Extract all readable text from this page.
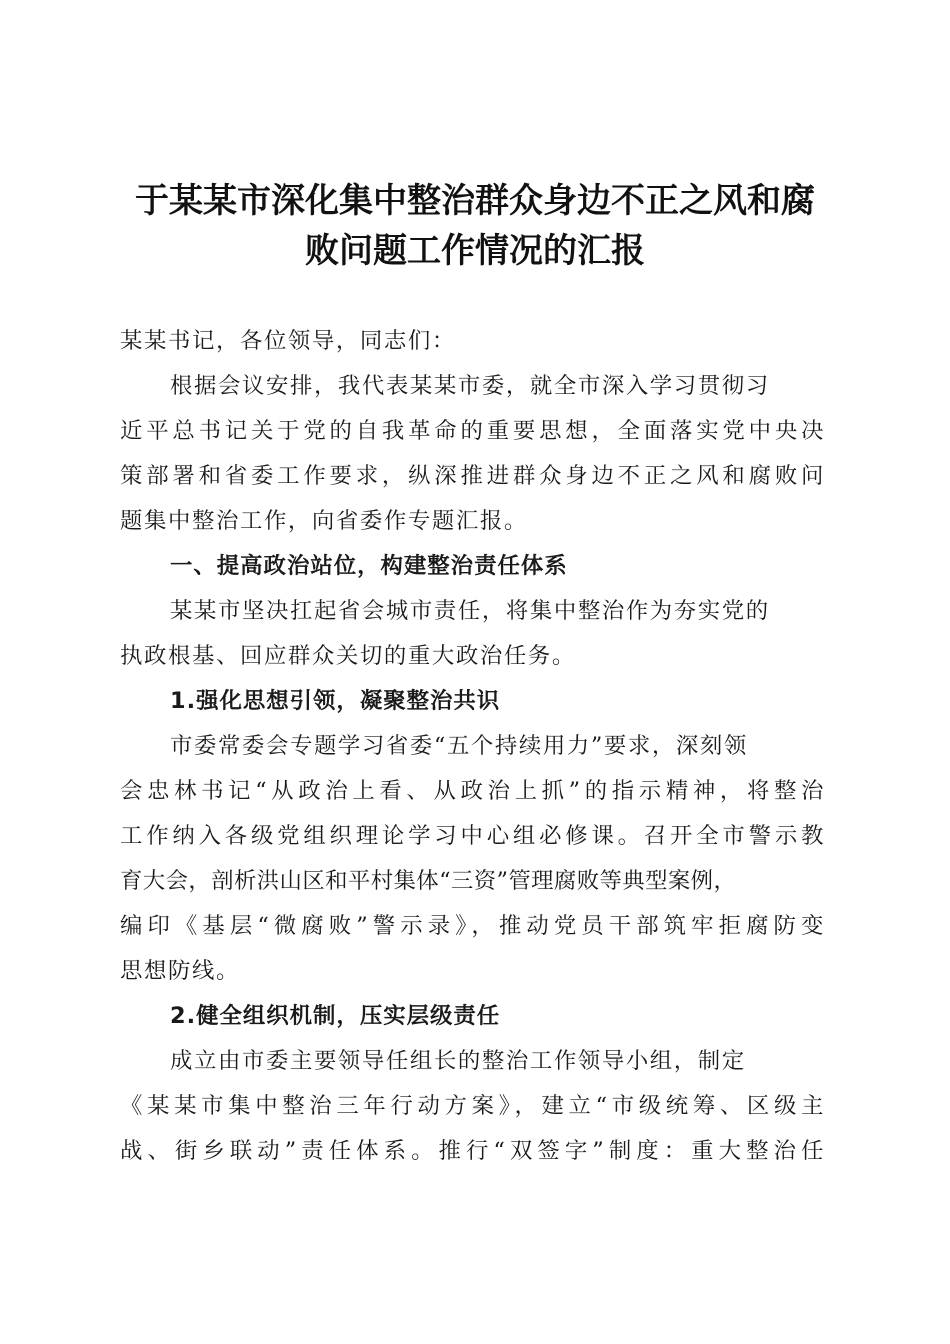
于某某市深化集中整治群众身边不正之风和腐
败问题工作情况的汇报
某某书记，各位领导，同志们：
根据会议安排，我代表某某市委，就全市深入学习贯彻习
近平总书记关于党的自我革命的重要思想，全面落实党中央决
策部署和省委工作要求，纵深推进群众身边不正之风和腐败问
题集中整治工作，向省委作专题汇报。
一、提高政治站位，构建整治责任体系
某某市坚决扛起省会城市责任，将集中整治作为夯实党的
执政根基、回应群众关切的重大政治任务。
1.强化思想引领，凝聚整治共识
市委常委会专题学习省委“五个持续用力”要求，深刻领
会忠林书记“从政治上看、从政治上抓”的指示精神，将整治
工作纳入各级党组织理论学习中心组必修课。召开全市警示教
育大会，剖析洪山区和平村集体“三资”管理腐败等典型案例，
编印《基层“微腐败”警示录》，推动党员干部筑牢拒腐防变
思想防线。
2.健全组织机制，压实层级责任
成立由市委主要领导任组长的整治工作领导小组，制定
《某某市集中整治三年行动方案》，建立“市级统筹、区级主
战、街乡联动”责任体系。推行“双签字”制度：重大整治任
